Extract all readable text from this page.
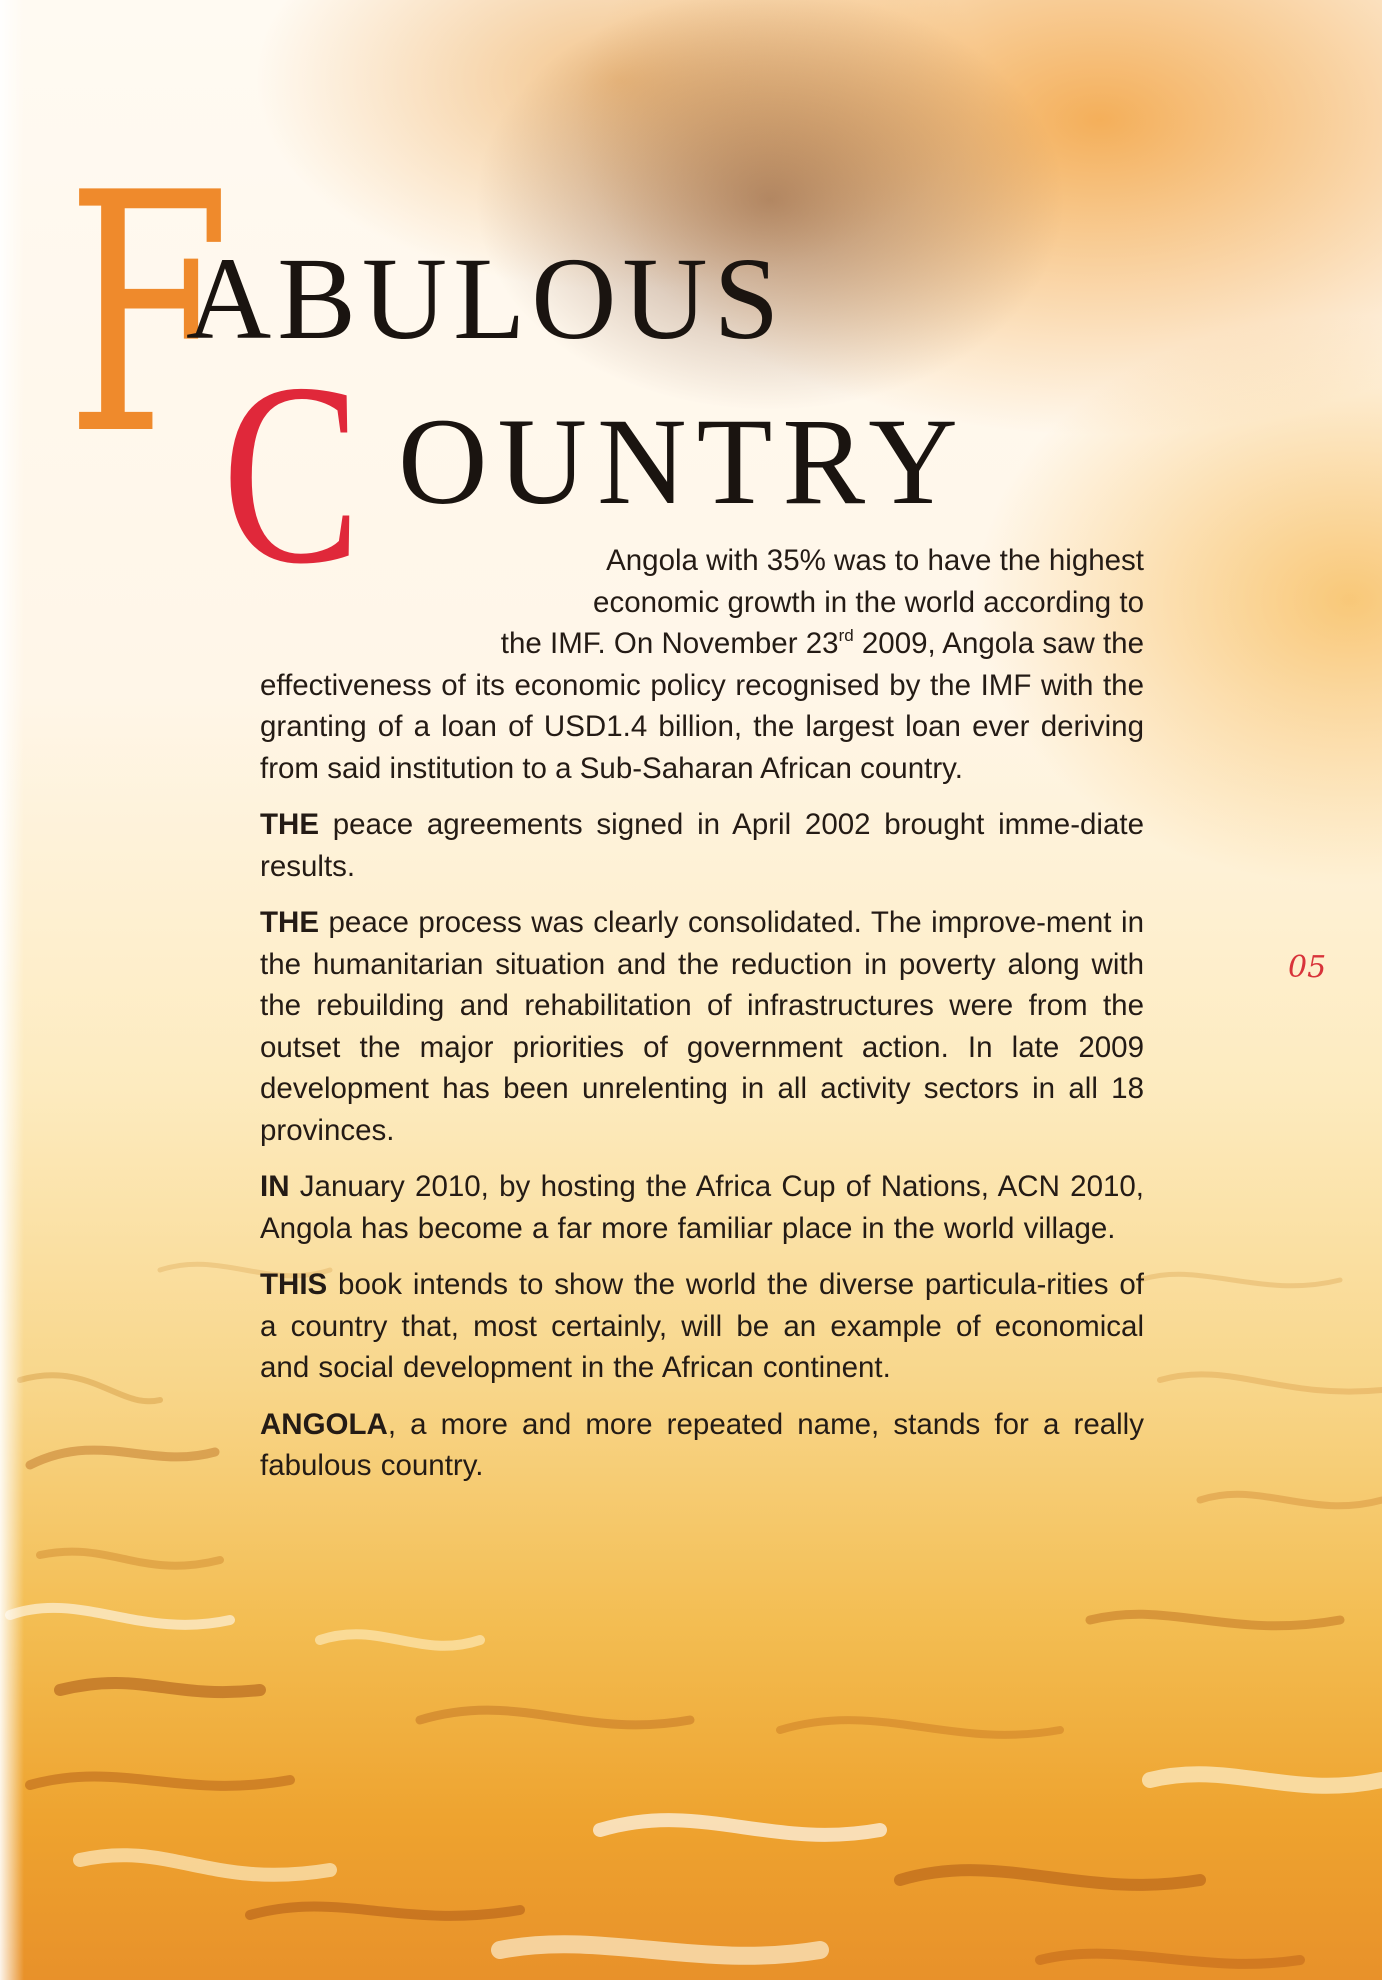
F
ABULOUS
C OUNTRY

Angola with 35% was to have the highest
economic growth in the world according to
the IMF. On November 23rd 2009, Angola saw the

effectiveness of its economic policy recognised by the IMF with the granting of a loan of USD1.4 billion, the largest loan ever deriving from said institution to a Sub-Saharan African country.

THE peace agreements signed in April 2002 brought imme-diate results.

THE peace process was clearly consolidated. The improve-ment in the humanitarian situation and the reduction in poverty along with the rebuilding and rehabilitation of infrastructures were from the outset the major priorities of government action. In late 2009 development has been unrelenting in all activity sectors in all 18 provinces.

IN January 2010, by hosting the Africa Cup of Nations, ACN 2010, Angola has become a far more familiar place in the world village.

THIS book intends to show the world the diverse particula-rities of a country that, most certainly, will be an example of economical and social development in the African continent.

ANGOLA, a more and more repeated name, stands for a really fabulous country.

05
